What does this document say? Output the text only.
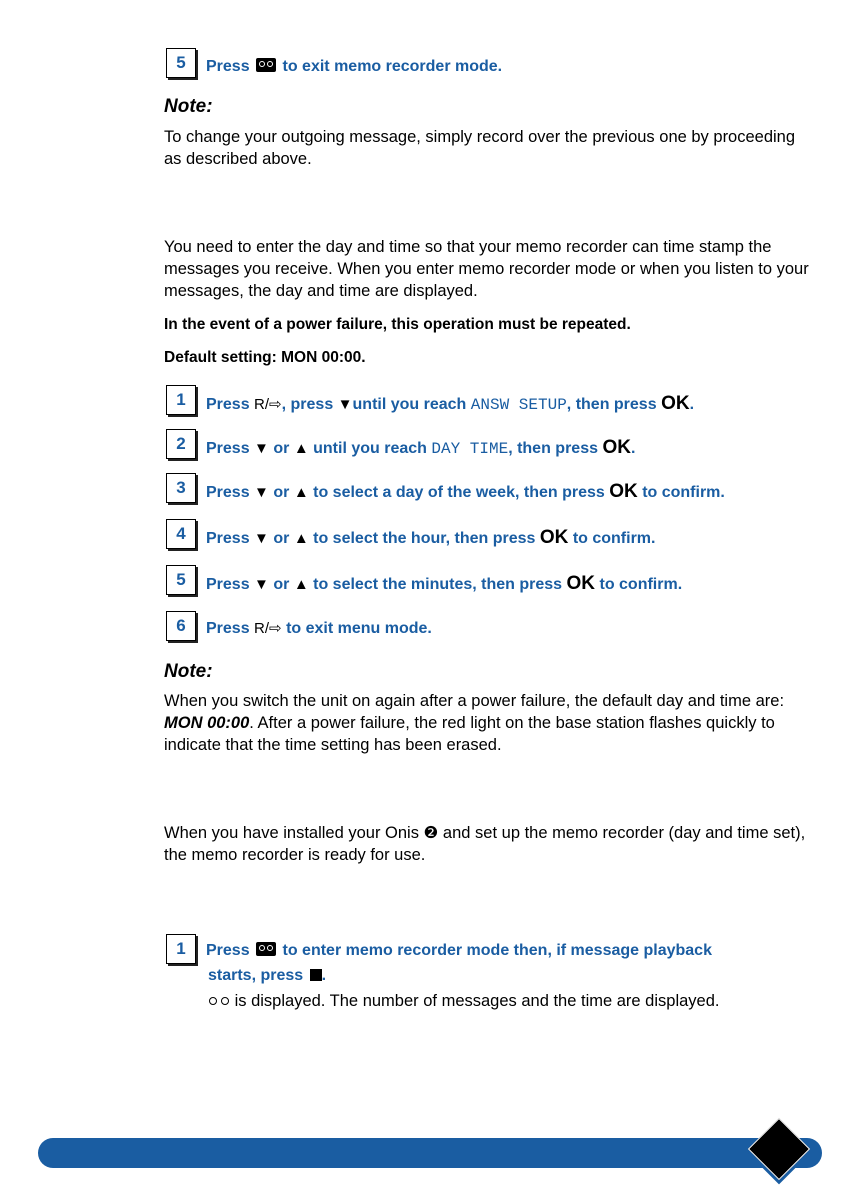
5	Press to exit memo recorder mode.
Note:
To change your outgoing message, simply record over the previous one by proceeding as described above.
You need to enter the day and time so that your memo recorder can time stamp the messages you receive. When you enter memo recorder mode or when you listen to your messages, the day and time are displayed.
In the event of a power failure, this operation must be repeated.
Default setting: MON 00:00.
1	Press R/⇨, press ▼until you reach ANSW SETUP, then press OK.
2	Press ▼ or ▲ until you reach DAY TIME, then press OK.
3	Press ▼ or ▲ to select a day of the week, then press OK to confirm.
4	Press ▼ or ▲ to select the hour, then press OK to confirm.
5	Press ▼ or ▲ to select the minutes, then press OK to confirm.
6	Press R/⇨ to exit menu mode.
Note:
When you switch the unit on again after a power failure, the default day and time are: MON 00:00. After a power failure, the red light on the base station flashes quickly to indicate that the time setting has been erased.
When you have installed your Onis ❷ and set up the memo recorder (day and time set), the memo recorder is ready for use.
1	Press to enter memo recorder mode then, if message playback
starts, press .
is displayed. The number of messages and the time are displayed.
